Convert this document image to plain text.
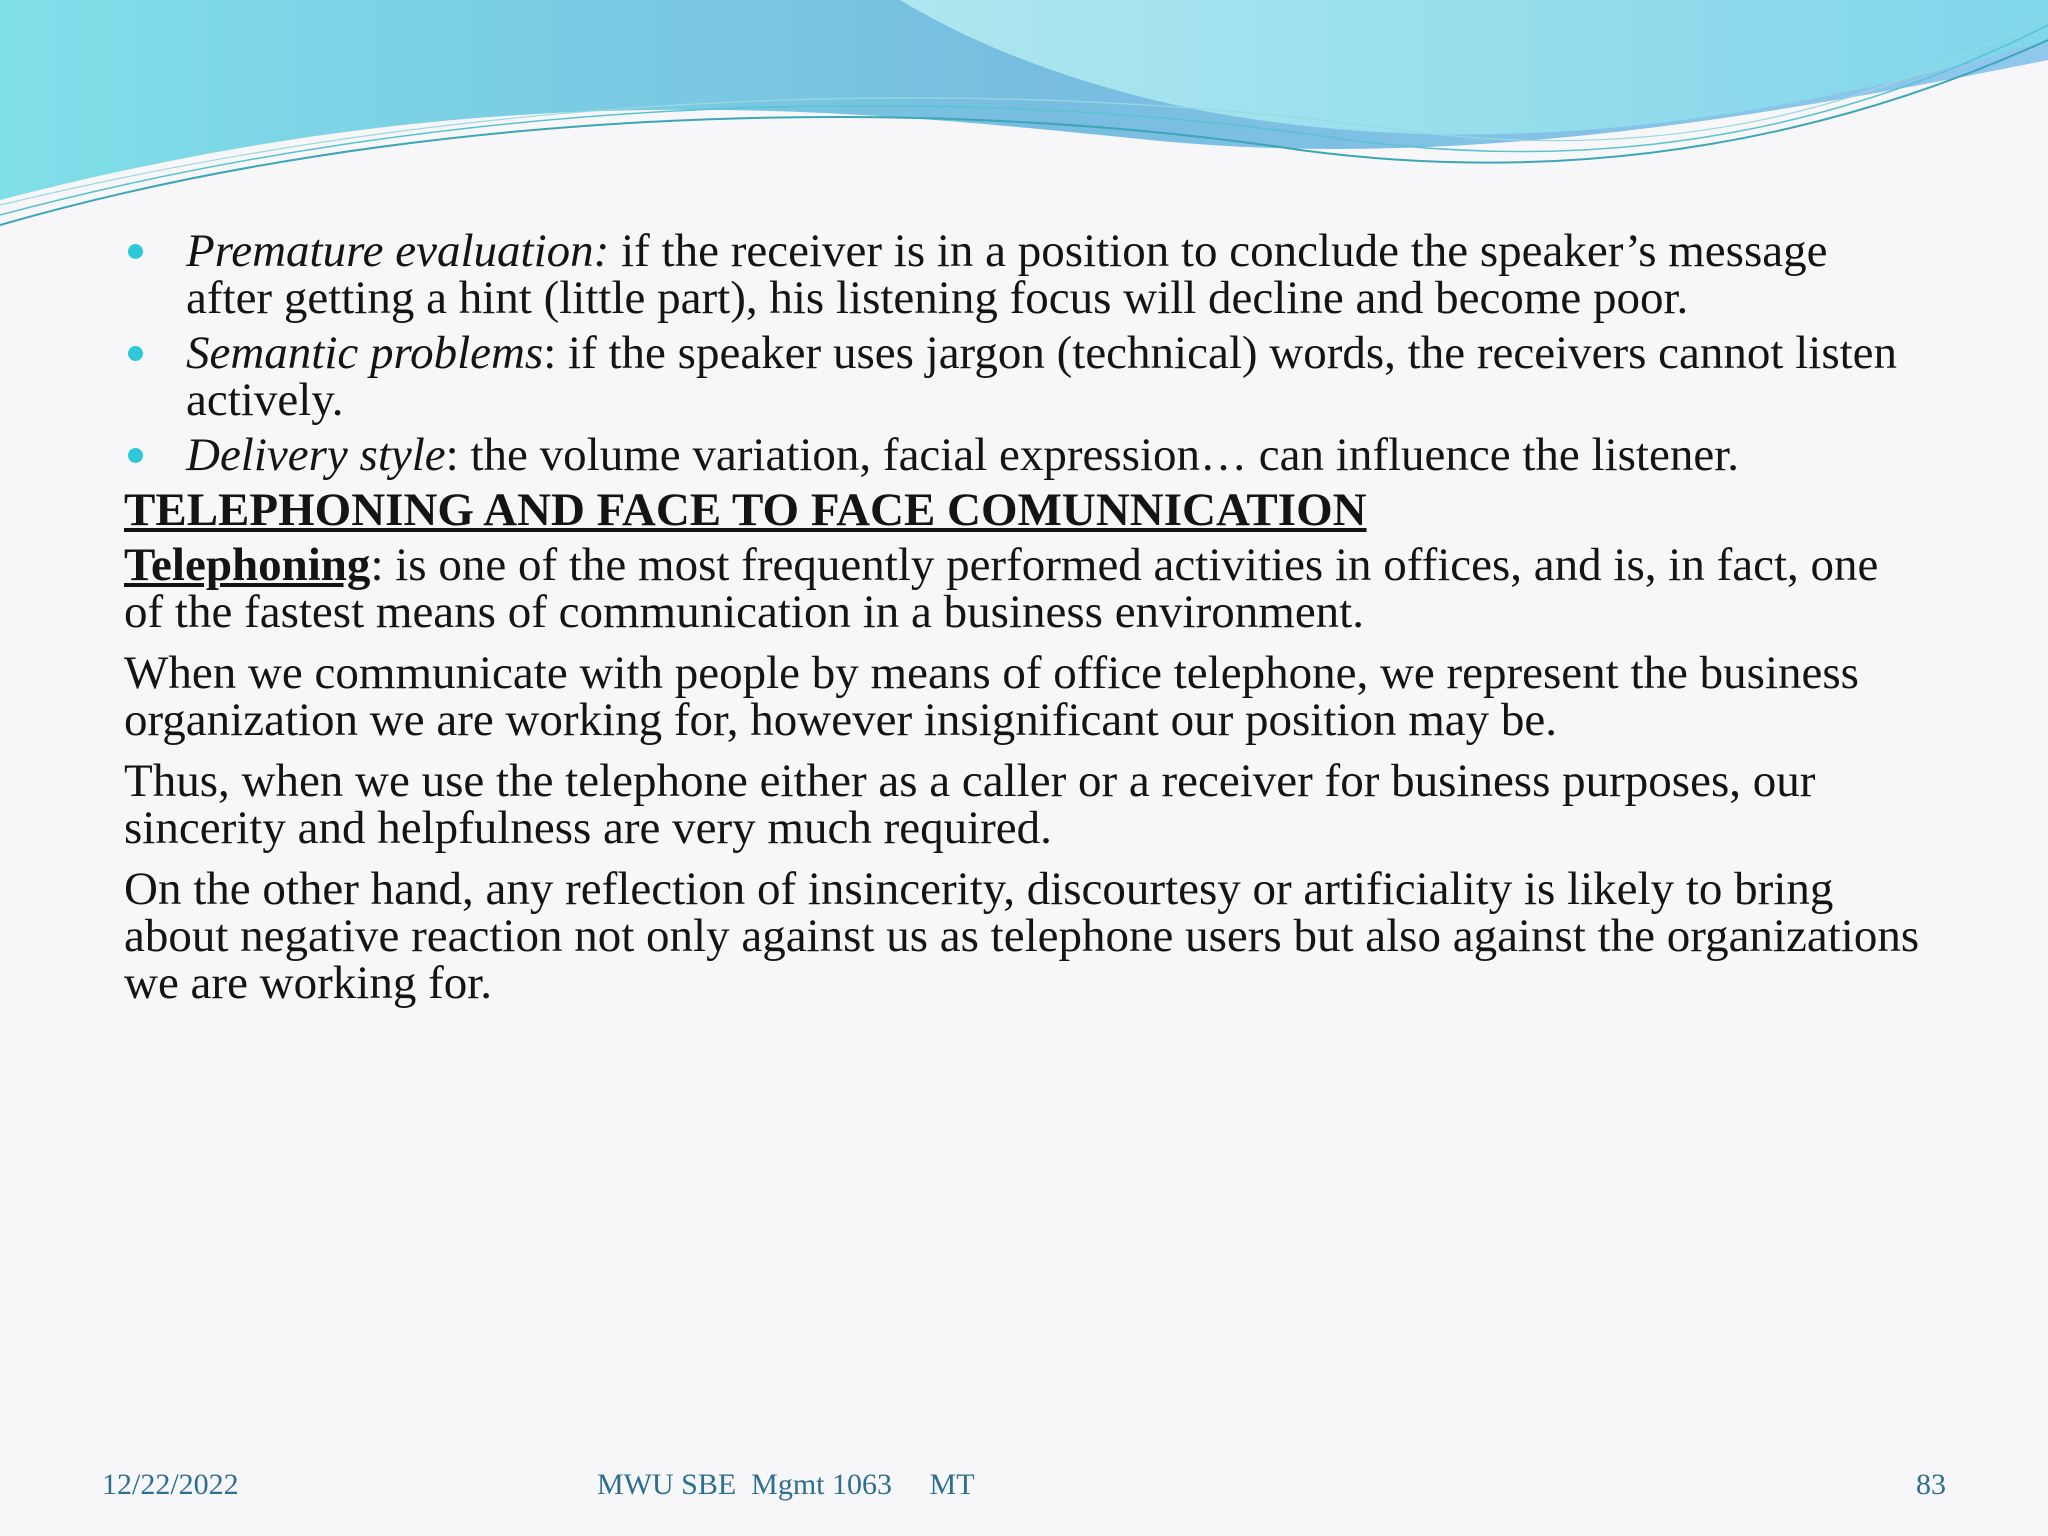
Premature evaluation: if the receiver is in a position to conclude the speaker’s message after getting a hint (little part), his listening focus will decline and become poor.
Semantic problems: if the speaker uses jargon (technical) words, the receivers cannot listen actively.
Delivery style: the volume variation, facial expression… can influence the listener.
TELEPHONING AND FACE TO FACE COMUNNICATION
Telephoning: is one of the most frequently performed activities in offices, and is, in fact, one of the fastest means of communication in a business environment.
When we communicate with people by means of office telephone, we represent the business organization we are working for, however insignificant our position may be.
Thus, when we use the telephone either as a caller or a receiver for business purposes, our sincerity and helpfulness are very much required.
On the other hand, any reflection of insincerity, discourtesy or artificiality is likely to bring about negative reaction not only against us as telephone users but also against the organizations we are working for.
12/22/2022	MWU SBE  Mgmt 1063     MT	83
